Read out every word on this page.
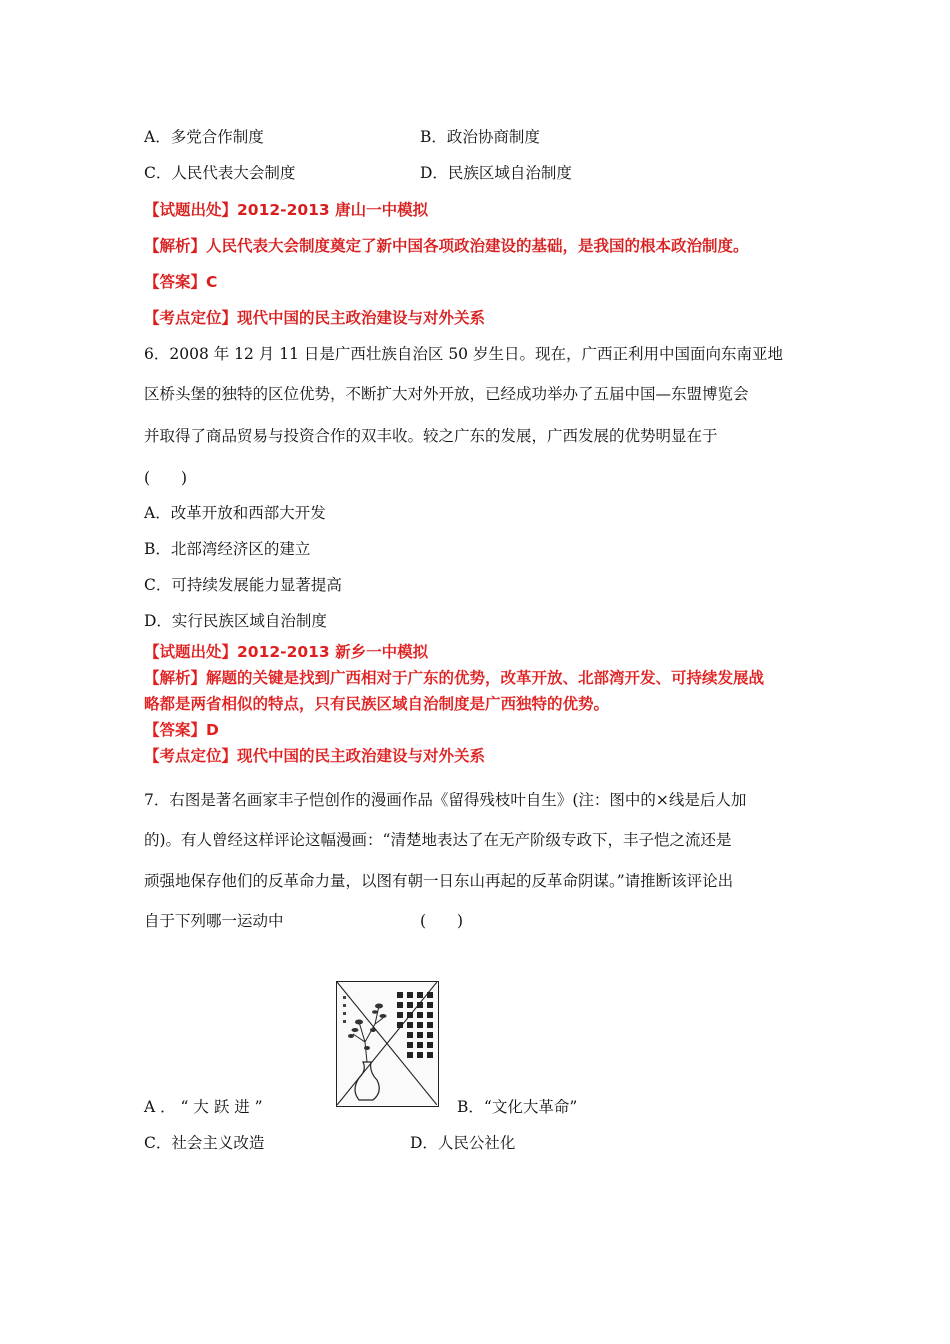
A．多党合作制度	B．政治协商制度
C．人民代表大会制度	D．民族区域自治制度
【试题出处】2012-2013 唐山一中模拟
【解析】人民代表大会制度奠定了新中国各项政治建设的基础，是我国的根本政治制度。
【答案】C
【考点定位】现代中国的民主政治建设与对外关系
6．2008 年 12 月 11 日是广西壮族自治区 50 岁生日。现在，广西正利用中国面向东南亚地
区桥头堡的独特的区位优势，不断扩大对外开放，已经成功举办了五届中国—东盟博览会
并取得了商品贸易与投资合作的双丰收。较之广东的发展，广西发展的优势明显在于
(　　)
A．改革开放和西部大开发
B．北部湾经济区的建立
C．可持续发展能力显著提高
D．实行民族区域自治制度
【试题出处】2012-2013 新乡一中模拟
【解析】解题的关键是找到广西相对于广东的优势，改革开放、北部湾开发、可持续发展战
略都是两省相似的特点，只有民族区域自治制度是广西独特的优势。
【答案】D
【考点定位】现代中国的民主政治建设与对外关系
7．右图是著名画家丰子恺创作的漫画作品《留得残枝叶自生》(注：图中的×线是后人加
的)。有人曾经这样评论这幅漫画：“清楚地表达了在无产阶级专政下，丰子恺之流还是
顽强地保存他们的反革命力量，以图有朝一日东山再起的反革命阴谋。”请推断该评论出
自于下列哪一运动中	(　　)
A ． “ 大 跃 进 ”	B．“文化大革命”
C．社会主义改造	D．人民公社化
